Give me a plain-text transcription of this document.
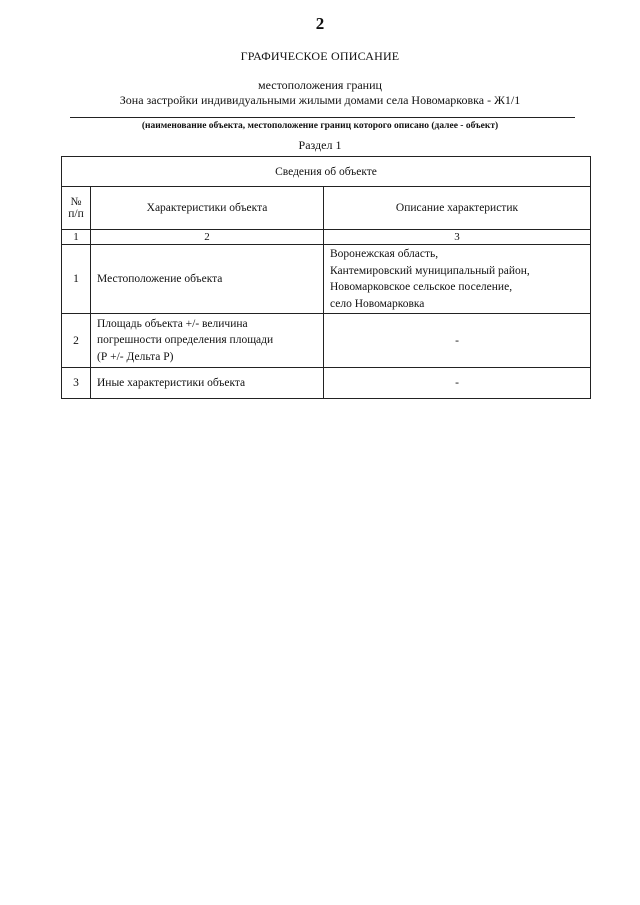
2
ГРАФИЧЕСКОЕ ОПИСАНИЕ
местоположения границ
Зона застройки индивидуальными жилыми домами села Новомарковка - Ж1/1
(наименование объекта, местоположение границ которого описано (далее - объект)
Раздел 1
Сведения об объекте		

№
п/п	Характеристики объекта	Описание характеристик
1	2	3
1	Местоположение объекта	Воронежская область,
Кантемировский муниципальный район,
Новомарковское сельское поселение,
село Новомарковка

2	Площадь объекта +/- величина
погрешности определения площади
(Р +/- Дельта Р)	-
3	Иные характеристики объекта	-
